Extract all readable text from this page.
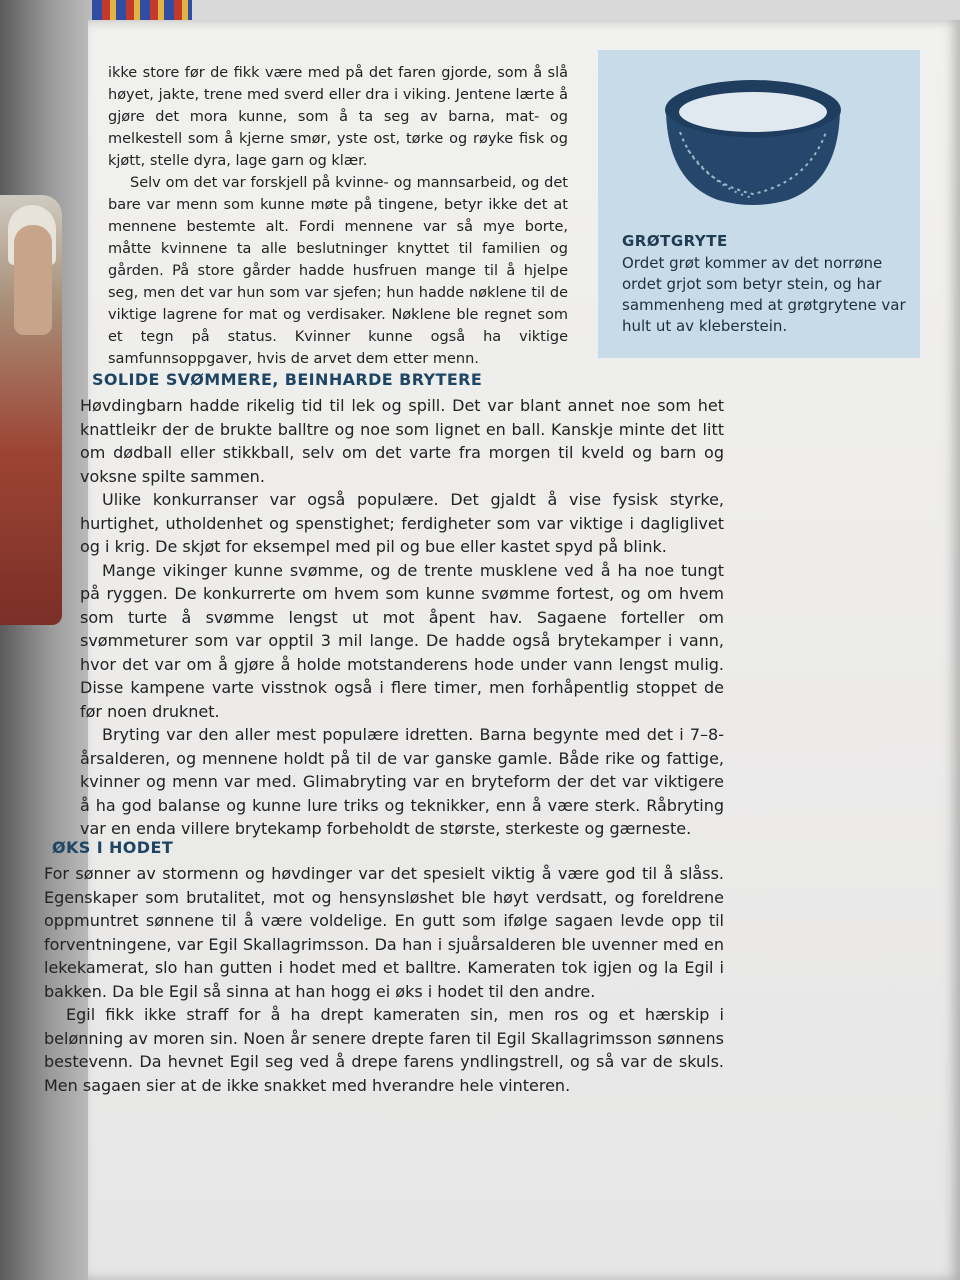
GRØTGRYTE
Ordet grøt kommer av det norrøne ordet grjot som betyr stein, og har sammenheng med at grøtgrytene var hult ut av kleberstein.

ikke store før de fikk være med på det faren gjorde, som å slå høyet, jakte, trene med sverd eller dra i viking. Jentene lærte å gjøre det mora kunne, som å ta seg av barna, mat- og melkestell som å kjerne smør, yste ost, tørke og røyke fisk og kjøtt, stelle dyra, lage garn og klær.

Selv om det var forskjell på kvinne- og mannsarbeid, og det bare var menn som kunne møte på tingene, betyr ikke det at mennene bestemte alt. Fordi mennene var så mye borte, måtte kvinnene ta alle beslutninger knyttet til familien og gården. På store gårder hadde husfruen mange til å hjelpe seg, men det var hun som var sjefen; hun hadde nøklene til de viktige lagrene for mat og verdisaker. Nøklene ble regnet som et tegn på status. Kvinner kunne også ha viktige samfunnsoppgaver, hvis de arvet dem etter menn.

SOLIDE SVØMMERE, BEINHARDE BRYTERE

Høvdingbarn hadde rikelig tid til lek og spill. Det var blant annet noe som het knattleikr der de brukte balltre og noe som lignet en ball. Kanskje minte det litt om dødball eller stikkball, selv om det varte fra morgen til kveld og barn og voksne spilte sammen.

Ulike konkurranser var også populære. Det gjaldt å vise fysisk styrke, hurtighet, utholdenhet og spenstighet; ferdigheter som var viktige i dagliglivet og i krig. De skjøt for eksempel med pil og bue eller kastet spyd på blink.

Mange vikinger kunne svømme, og de trente musklene ved å ha noe tungt på ryggen. De konkurrerte om hvem som kunne svømme fortest, og om hvem som turte å svømme lengst ut mot åpent hav. Sagaene forteller om svømmeturer som var opptil 3 mil lange. De hadde også brytekamper i vann, hvor det var om å gjøre å holde motstanderens hode under vann lengst mulig. Disse kampene varte visstnok også i flere timer, men forhåpentlig stoppet de før noen druknet.

Bryting var den aller mest populære idretten. Barna begynte med det i 7–8-årsalderen, og mennene holdt på til de var ganske gamle. Både rike og fattige, kvinner og menn var med. Glimabryting var en bryteform der det var viktigere å ha god balanse og kunne lure triks og teknikker, enn å være sterk. Råbryting var en enda villere brytekamp forbeholdt de største, sterkeste og gærneste.

ØKS I HODET

For sønner av stormenn og høvdinger var det spesielt viktig å være god til å slåss. Egenskaper som brutalitet, mot og hensynsløshet ble høyt verdsatt, og foreldrene oppmuntret sønnene til å være voldelige. En gutt som ifølge sagaen levde opp til forventningene, var Egil Skallagrimsson. Da han i sjuårsalderen ble uvenner med en lekekamerat, slo han gutten i hodet med et balltre. Kameraten tok igjen og la Egil i bakken. Da ble Egil så sinna at han hogg ei øks i hodet til den andre.

Egil fikk ikke straff for å ha drept kameraten sin, men ros og et hærskip i belønning av moren sin. Noen år senere drepte faren til Egil Skallagrimsson sønnens bestevenn. Da hevnet Egil seg ved å drepe farens yndlingstrell, og så var de skuls. Men sagaen sier at de ikke snakket med hverandre hele vinteren.
